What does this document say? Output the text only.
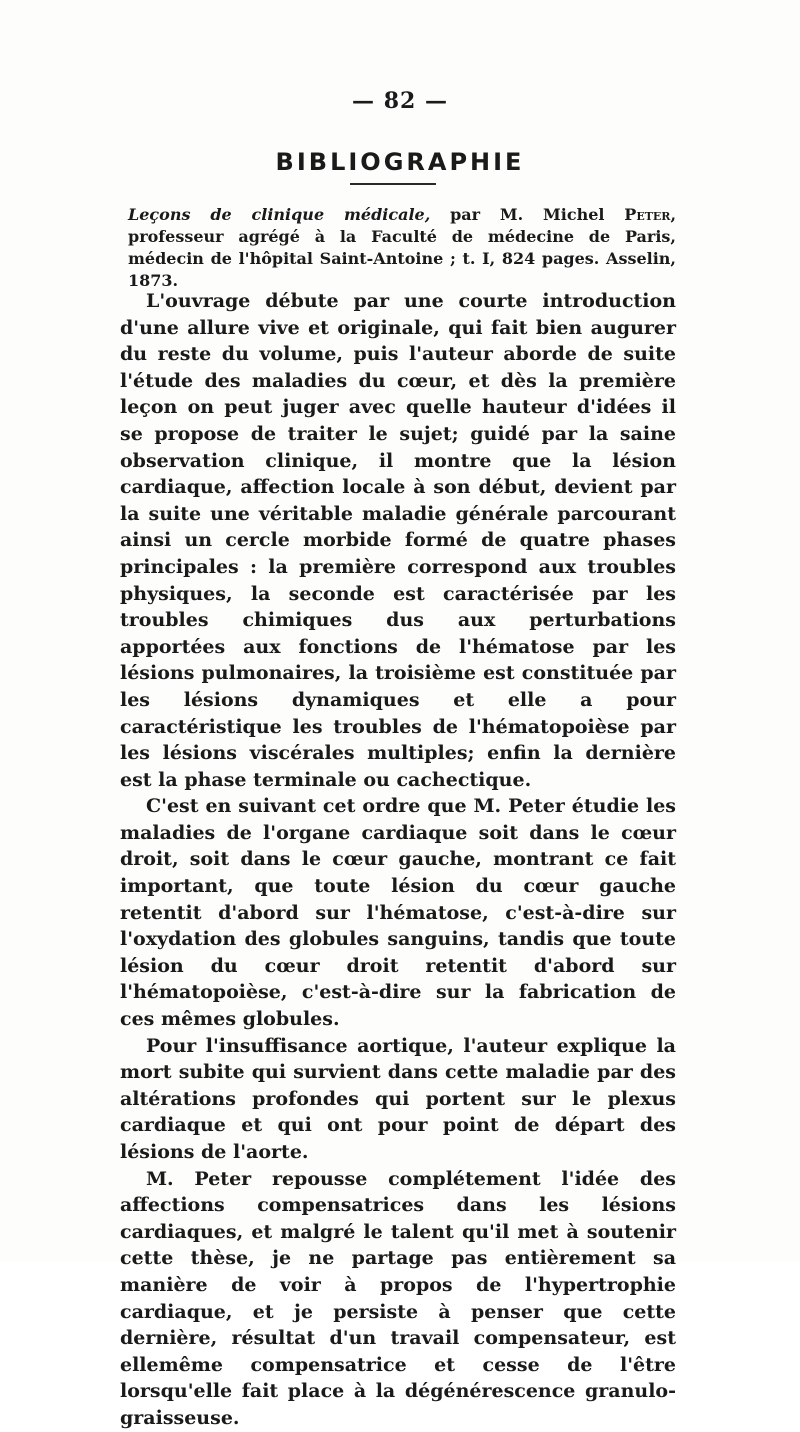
— 82 —
BIBLIOGRAPHIE
Leçons de clinique médicale, par M. Michel Peter, professeur agrégé à la Faculté de médecine de Paris, médecin de l'hôpital Saint-Antoine ; t. I, 824 pages. Asselin, 1873.

L'ouvrage débute par une courte introduction d'une allure vive et originale, qui fait bien augurer du reste du volume, puis l'auteur aborde de suite l'étude des maladies du cœur, et dès la première leçon on peut juger avec quelle hauteur d'idées il se propose de traiter le sujet; guidé par la saine observation clinique, il montre que la lésion cardiaque, affection locale à son début, devient par la suite une véritable maladie générale parcourant ainsi un cercle morbide formé de quatre phases principales : la première correspond aux troubles physiques, la seconde est caractérisée par les troubles chimiques dus aux perturbations apportées aux fonctions de l'hématose par les lésions pulmonaires, la troisième est constituée par les lésions dynamiques et elle a pour caractéristique les troubles de l'hématopoièse par les lésions viscérales multiples; enfin la dernière est la phase terminale ou cachectique.

C'est en suivant cet ordre que M. Peter étudie les maladies de l'organe cardiaque soit dans le cœur droit, soit dans le cœur gauche, montrant ce fait important, que toute lésion du cœur gauche retentit d'abord sur l'hématose, c'est-à-dire sur l'oxydation des globules sanguins, tandis que toute lésion du cœur droit retentit d'abord sur l'hématopoièse, c'est-à-dire sur la fabrication de ces mêmes globules.

Pour l'insuffisance aortique, l'auteur explique la mort subite qui survient dans cette maladie par des altérations profondes qui portent sur le plexus cardiaque et qui ont pour point de départ des lésions de l'aorte.

M. Peter repousse complétement l'idée des affections compensatrices dans les lésions cardiaques, et malgré le talent qu'il met à soutenir cette thèse, je ne partage pas entièrement sa manière de voir à propos de l'hypertrophie cardiaque, et je persiste à penser que cette dernière, résultat d'un travail compensateur, est ellemême compensatrice et cesse de l'être lorsqu'elle fait place à la dégénérescence granulo-graisseuse.
